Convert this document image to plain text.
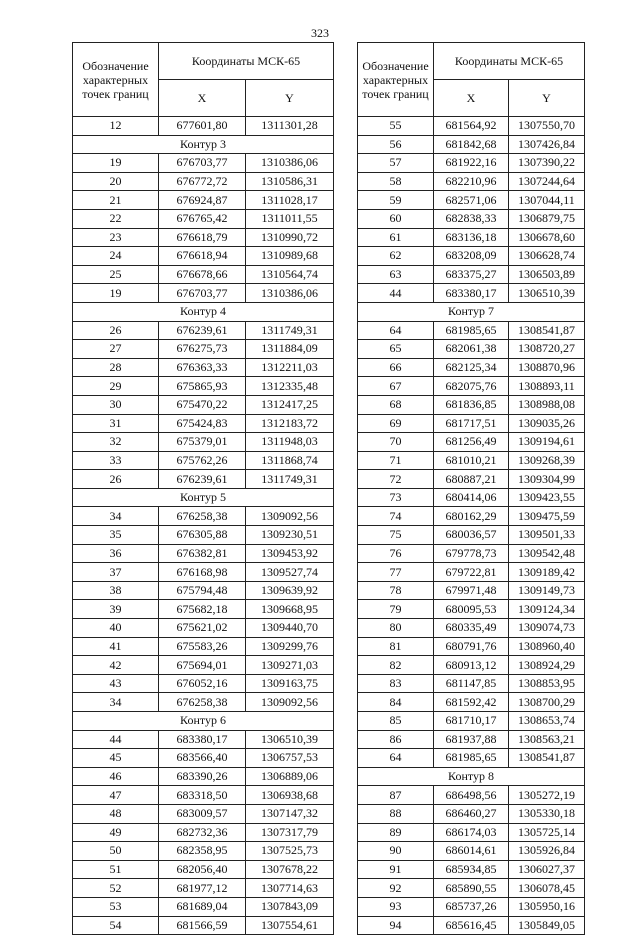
323
Обозначение характерных точек границ	Координаты МСК-65	
	X	Y
12	677601,80	1311301,28
Контур 3		
19	676703,77	1310386,06
20	676772,72	1310586,31
21	676924,87	1311028,17
22	676765,42	1311011,55
23	676618,79	1310990,72
24	676618,94	1310989,68
25	676678,66	1310564,74
19	676703,77	1310386,06
Контур 4		
26	676239,61	1311749,31
27	676275,73	1311884,09
28	676363,33	1312211,03
29	675865,93	1312335,48
30	675470,22	1312417,25
31	675424,83	1312183,72
32	675379,01	1311948,03
33	675762,26	1311868,74
26	676239,61	1311749,31
Контур 5		
34	676258,38	1309092,56
35	676305,88	1309230,51
36	676382,81	1309453,92
37	676168,98	1309527,74
38	675794,48	1309639,92
39	675682,18	1309668,95
40	675621,02	1309440,70
41	675583,26	1309299,76
42	675694,01	1309271,03
43	676052,16	1309163,75
34	676258,38	1309092,56
Контур 6		
44	683380,17	1306510,39
45	683566,40	1306757,53
46	683390,26	1306889,06
47	683318,50	1306938,68
48	683009,57	1307147,32
49	682732,36	1307317,79
50	682358,95	1307525,73
51	682056,40	1307678,22
52	681977,12	1307714,63
53	681689,04	1307843,09
54	681566,59	1307554,61
Обозначение характерных точек границ	Координаты МСК-65	
	X	Y
55	681564,92	1307550,70
56	681842,68	1307426,84
57	681922,16	1307390,22
58	682210,96	1307244,64
59	682571,06	1307044,11
60	682838,33	1306879,75
61	683136,18	1306678,60
62	683208,09	1306628,74
63	683375,27	1306503,89
44	683380,17	1306510,39
Контур 7		
64	681985,65	1308541,87
65	682061,38	1308720,27
66	682125,34	1308870,96
67	682075,76	1308893,11
68	681836,85	1308988,08
69	681717,51	1309035,26
70	681256,49	1309194,61
71	681010,21	1309268,39
72	680887,21	1309304,99
73	680414,06	1309423,55
74	680162,29	1309475,59
75	680036,57	1309501,33
76	679778,73	1309542,48
77	679722,81	1309189,42
78	679971,48	1309149,73
79	680095,53	1309124,34
80	680335,49	1309074,73
81	680791,76	1308960,40
82	680913,12	1308924,29
83	681147,85	1308853,95
84	681592,42	1308700,29
85	681710,17	1308653,74
86	681937,88	1308563,21
64	681985,65	1308541,87
Контур 8		
87	686498,56	1305272,19
88	686460,27	1305330,18
89	686174,03	1305725,14
90	686014,61	1305926,84
91	685934,85	1306027,37
92	685890,55	1306078,45
93	685737,26	1305950,16
94	685616,45	1305849,05
